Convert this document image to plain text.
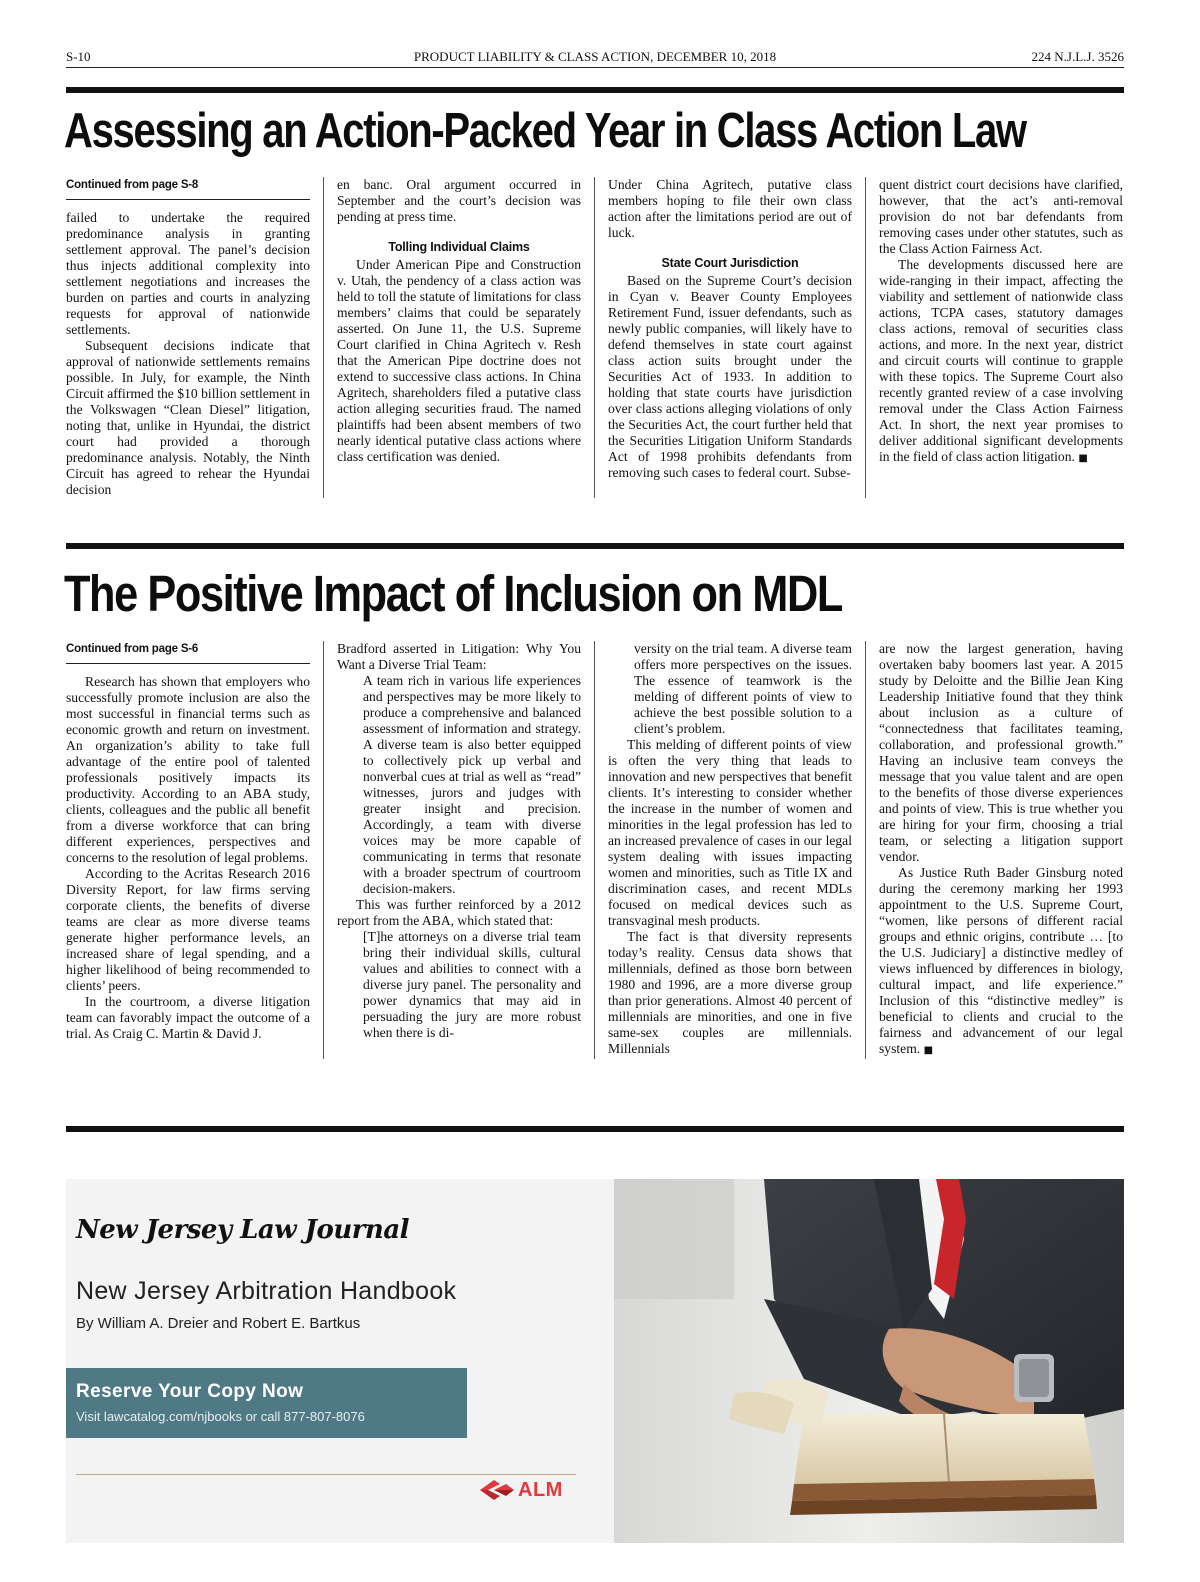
PRODUCT LIABILITY & CLASS ACTION, DECEMBER 10, 2018
S-10	224 N.J.L.J. 3526
Assessing an Action-Packed Year in Class Action Law
Continued from page S-8

failed to undertake the required predominance analysis in granting settlement approval. The panel’s decision thus injects additional complexity into settlement negotiations and increases the burden on parties and courts in analyzing requests for approval of nationwide settlements.

Subsequent decisions indicate that approval of nationwide settlements remains possible. In July, for example, the Ninth Circuit affirmed the $10 billion settlement in the Volkswagen “Clean Diesel” litigation, noting that, unlike in Hyundai, the district court had provided a thorough predominance analysis. Notably, the Ninth Circuit has agreed to rehear the Hyundai decision

en banc. Oral argument occurred in September and the court’s decision was pending at press time.

Tolling Individual Claims

Under American Pipe and Construction v. Utah, the pendency of a class action was held to toll the statute of limitations for class members’ claims that could be separately asserted. On June 11, the U.S. Supreme Court clarified in China Agritech v. Resh that the American Pipe doctrine does not extend to successive class actions. In China Agritech, shareholders filed a putative class action alleging securities fraud. The named plaintiffs had been absent members of two nearly identical putative class actions where class certification was denied.

Under China Agritech, putative class members hoping to file their own class action after the limitations period are out of luck.

State Court Jurisdiction

Based on the Supreme Court’s decision in Cyan v. Beaver County Employees Retirement Fund, issuer defendants, such as newly public companies, will likely have to defend themselves in state court against class action suits brought under the Securities Act of 1933. In addition to holding that state courts have jurisdiction over class actions alleging violations of only the Securities Act, the court further held that the Securities Litigation Uniform Standards Act of 1998 prohibits defendants from removing such cases to federal court. Subse-

quent district court decisions have clarified, however, that the act’s anti-removal provision do not bar defendants from removing cases under other statutes, such as the Class Action Fairness Act.

The developments discussed here are wide-ranging in their impact, affecting the viability and settlement of nationwide class actions, TCPA cases, statutory damages class actions, removal of securities class actions, and more. In the next year, district and circuit courts will continue to grapple with these topics. The Supreme Court also recently granted review of a case involving removal under the Class Action Fairness Act. In short, the next year promises to deliver additional significant developments in the field of class action litigation. ■

The Positive Impact of Inclusion on MDL
Continued from page S-6

Research has shown that employers who successfully promote inclusion are also the most successful in financial terms such as economic growth and return on investment. An organization’s ability to take full advantage of the entire pool of talented professionals positively impacts its productivity. According to an ABA study, clients, colleagues and the public all benefit from a diverse workforce that can bring different experiences, perspectives and concerns to the resolution of legal problems.

According to the Acritas Research 2016 Diversity Report, for law firms serving corporate clients, the benefits of diverse teams are clear as more diverse teams generate higher performance levels, an increased share of legal spending, and a higher likelihood of being recommended to clients’ peers.

In the courtroom, a diverse litigation team can favorably impact the outcome of a trial. As Craig C. Martin & David J.

Bradford asserted in Litigation: Why You Want a Diverse Trial Team:

A team rich in various life experiences and perspectives may be more likely to produce a comprehensive and balanced assessment of information and strategy. A diverse team is also better equipped to collectively pick up verbal and nonverbal cues at trial as well as “read” witnesses, jurors and judges with greater insight and precision. Accordingly, a team with diverse voices may be more capable of communicating in terms that resonate with a broader spectrum of courtroom decision-makers.

This was further reinforced by a 2012 report from the ABA, which stated that:

[T]he attorneys on a diverse trial team bring their individual skills, cultural values and abilities to connect with a diverse jury panel. The personality and power dynamics that may aid in persuading the jury are more robust when there is di-

versity on the trial team. A diverse team offers more perspectives on the issues. The essence of teamwork is the melding of different points of view to achieve the best possible solution to a client’s problem.

This melding of different points of view is often the very thing that leads to innovation and new perspectives that benefit clients. It’s interesting to consider whether the increase in the number of women and minorities in the legal profession has led to an increased prevalence of cases in our legal system dealing with issues impacting women and minorities, such as Title IX and discrimination cases, and recent MDLs focused on medical devices such as transvaginal mesh products.

The fact is that diversity represents today’s reality. Census data shows that millennials, defined as those born between 1980 and 1996, are a more diverse group than prior generations. Almost 40 percent of millennials are minorities, and one in five same-sex couples are millennials. Millennials

are now the largest generation, having overtaken baby boomers last year. A 2015 study by Deloitte and the Billie Jean King Leadership Initiative found that they think about inclusion as a culture of “connectedness that facilitates teaming, collaboration, and professional growth.” Having an inclusive team conveys the message that you value talent and are open to the benefits of those diverse experiences and points of view. This is true whether you are hiring for your firm, choosing a trial team, or selecting a litigation support vendor.

As Justice Ruth Bader Ginsburg noted during the ceremony marking her 1993 appointment to the U.S. Supreme Court, “women, like persons of different racial groups and ethnic origins, contribute … [to the U.S. Judiciary] a distinctive medley of views influenced by differences in biology, cultural impact, and life experience.” Inclusion of this “distinctive medley” is beneficial to clients and crucial to the fairness and advancement of our legal system. ■

New Jersey Law Journal
New Jersey Arbitration Handbook
By William A. Dreier and Robert E. Bartkus
Reserve Your Copy Now
Visit lawcatalog.com/njbooks or call 877-807-8076
ALM
